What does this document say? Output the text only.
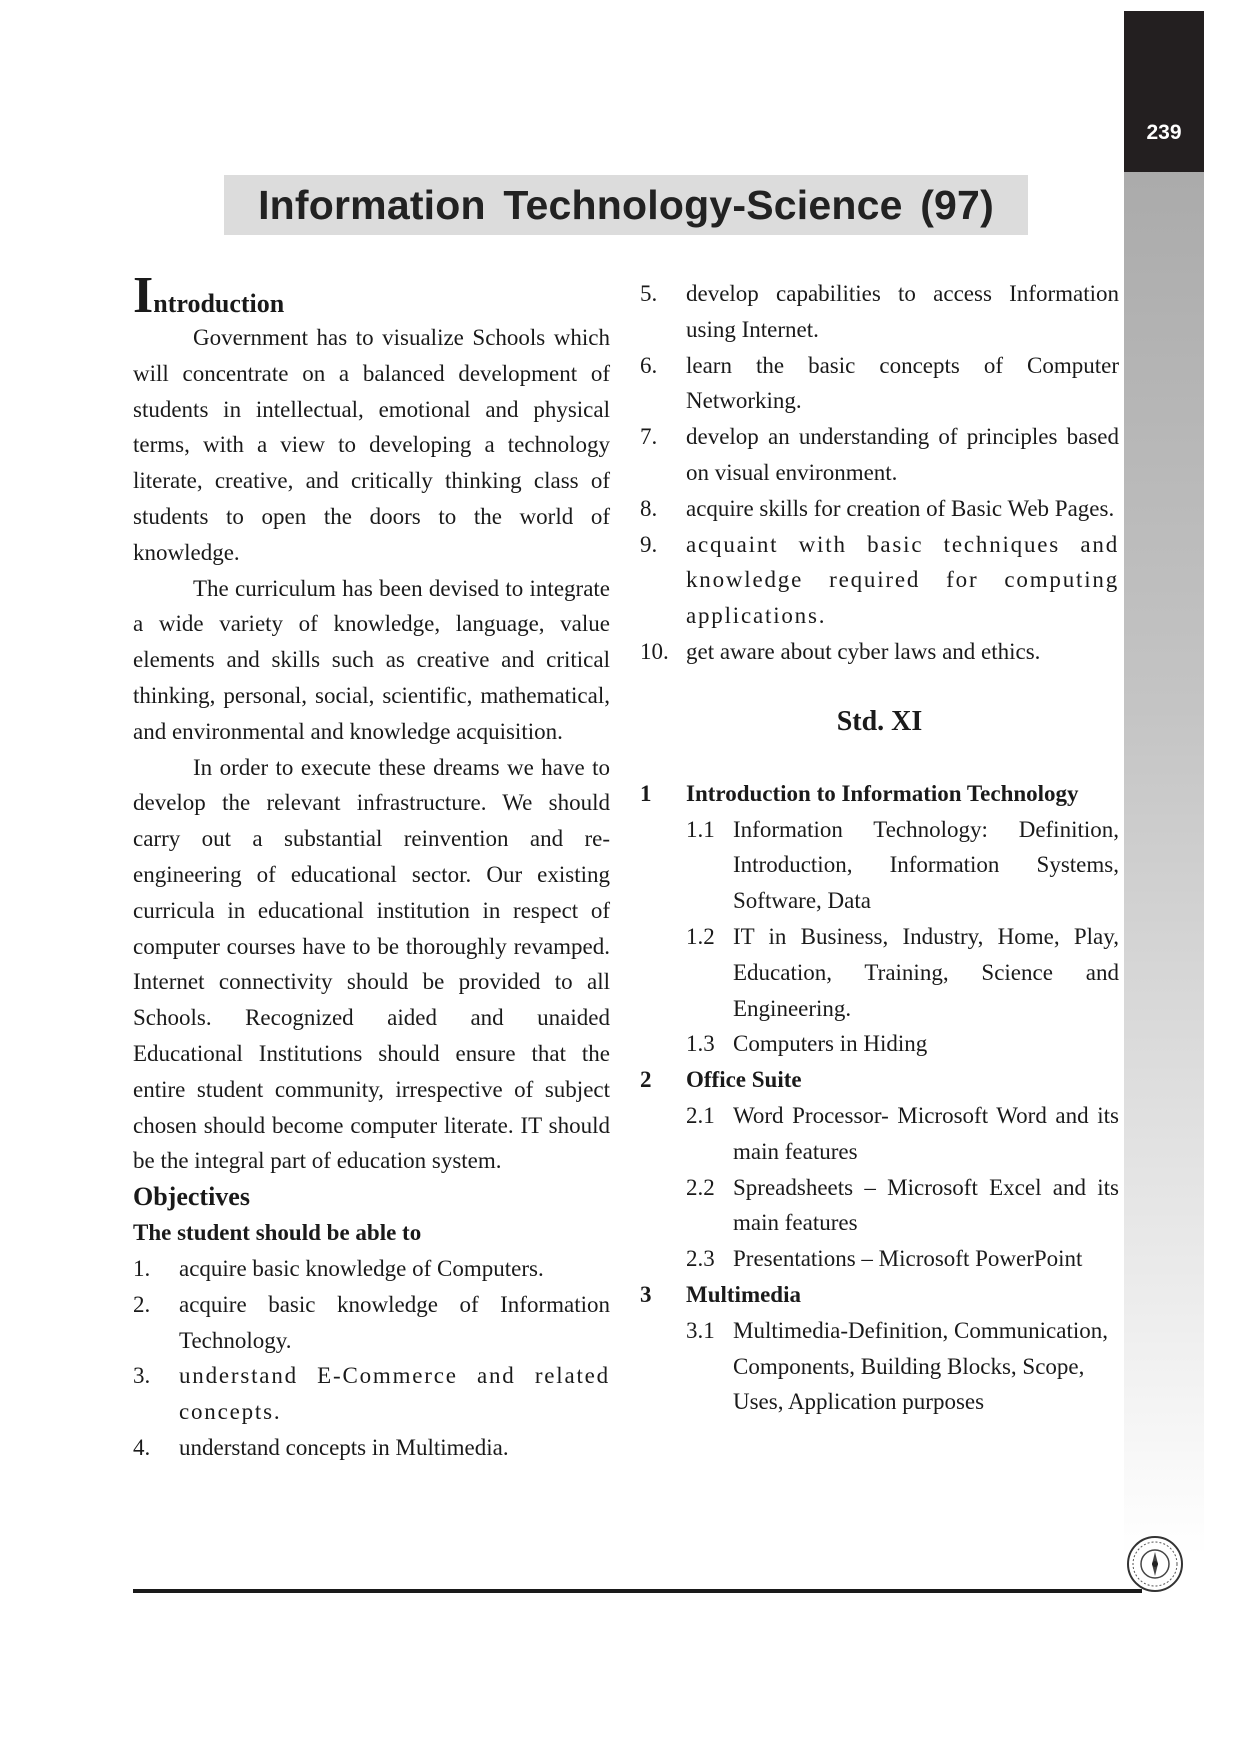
239
Information Technology-Science (97)
Introduction

Government has to visualize Schools which will concentrate on a balanced development of students in intellectual, emotional and physical terms, with a view to developing a technology literate, creative, and critically thinking class of students to open the doors to the world of knowledge.

The curriculum has been devised to integrate a wide variety of knowledge, language, value elements and skills such as creative and critical thinking, personal, social, scientific, mathematical, and environmental and knowledge acquisition.

In order to execute these dreams we have to develop the relevant infrastructure. We should carry out a substantial reinvention and re-engineering of educational sector. Our existing curricula in educational institution in respect of computer courses have to be thoroughly revamped. Internet connectivity should be provided to all Schools. Recognized aided and unaided Educational Institutions should ensure that the entire student community, irrespective of subject chosen should become computer literate. IT should be the integral part of education system.

Objectives
The student should be able to
1.	acquire basic knowledge of Computers.
2.	acquire basic knowledge of Information Technology.
3.	understand E-Commerce and related concepts.
4.	understand concepts in Multimedia.
5.	develop capabilities to access Information using Internet.
6.	learn the basic concepts of Computer Networking.
7.	develop an understanding of principles based on visual environment.
8.	acquire skills for creation of Basic Web Pages.
9.	acquaint with basic techniques and knowledge required for computing applications.
10. get aware about cyber laws and ethics.
Std. XI
1	Introduction to Information Technology
1.1 Information Technology: Definition, Introduction, Information Systems, Software, Data
1.2 IT in Business, Industry, Home, Play, Education, Training, Science and Engineering.
1.3 Computers in Hiding
2	Office Suite
2.1 Word Processor- Microsoft Word and its main features
2.2 Spreadsheets – Microsoft Excel and its main features
2.3 Presentations – Microsoft PowerPoint
3	Multimedia
3.1 Multimedia-Definition, Communication, Components, Building Blocks, Scope, Uses, Application purposes
